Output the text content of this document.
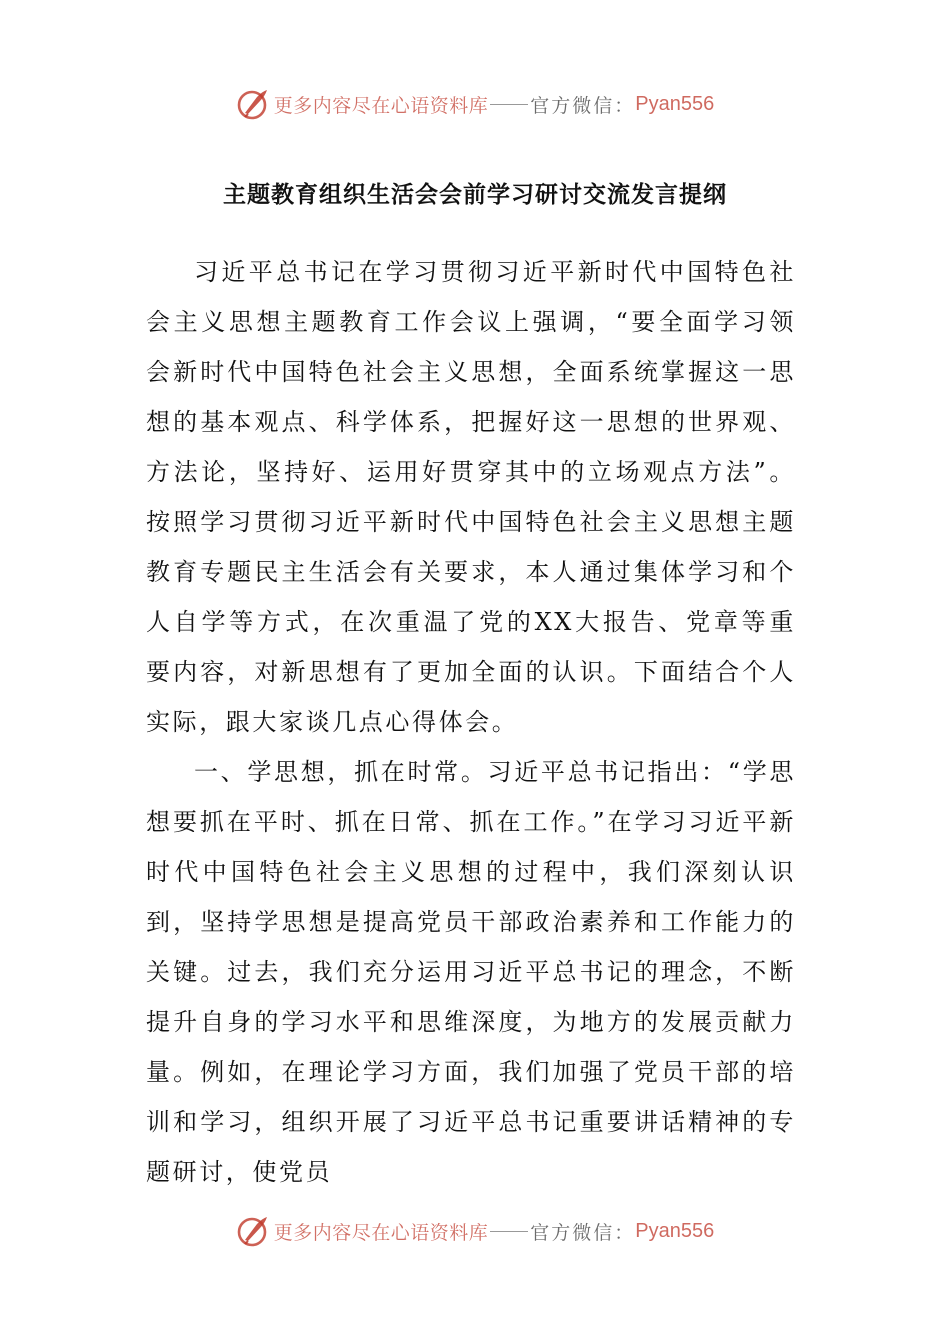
更多内容尽在心语资料库 官方微信： Pyan556
主题教育组织生活会会前学习研讨交流发言提纲

习近平总书记在学习贯彻习近平新时代中国特色社会主义思想主题教育工作会议上强调，“要全面学习领会新时代中国特色社会主义思想，全面系统掌握这一思想的基本观点、科学体系，把握好这一思想的世界观、方法论，坚持好、运用好贯穿其中的立场观点方法”。按照学习贯彻习近平新时代中国特色社会主义思想主题教育专题民主生活会有关要求，本人通过集体学习和个人自学等方式，在次重温了党的XX大报告、党章等重要内容，对新思想有了更加全面的认识。下面结合个人实际，跟大家谈几点心得体会。

一、学思想，抓在时常。习近平总书记指出：“学思想要抓在平时、抓在日常、抓在工作。”在学习习近平新时代中国特色社会主义思想的过程中，我们深刻认识到，坚持学思想是提高党员干部政治素养和工作能力的关键。过去，我们充分运用习近平总书记的理念，不断提升自身的学习水平和思维深度，为地方的发展贡献力量。例如，在理论学习方面，我们加强了党员干部的培训和学习，组织开展了习近平总书记重要讲话精神的专题研讨，使党员

更多内容尽在心语资料库 官方微信： Pyan556
